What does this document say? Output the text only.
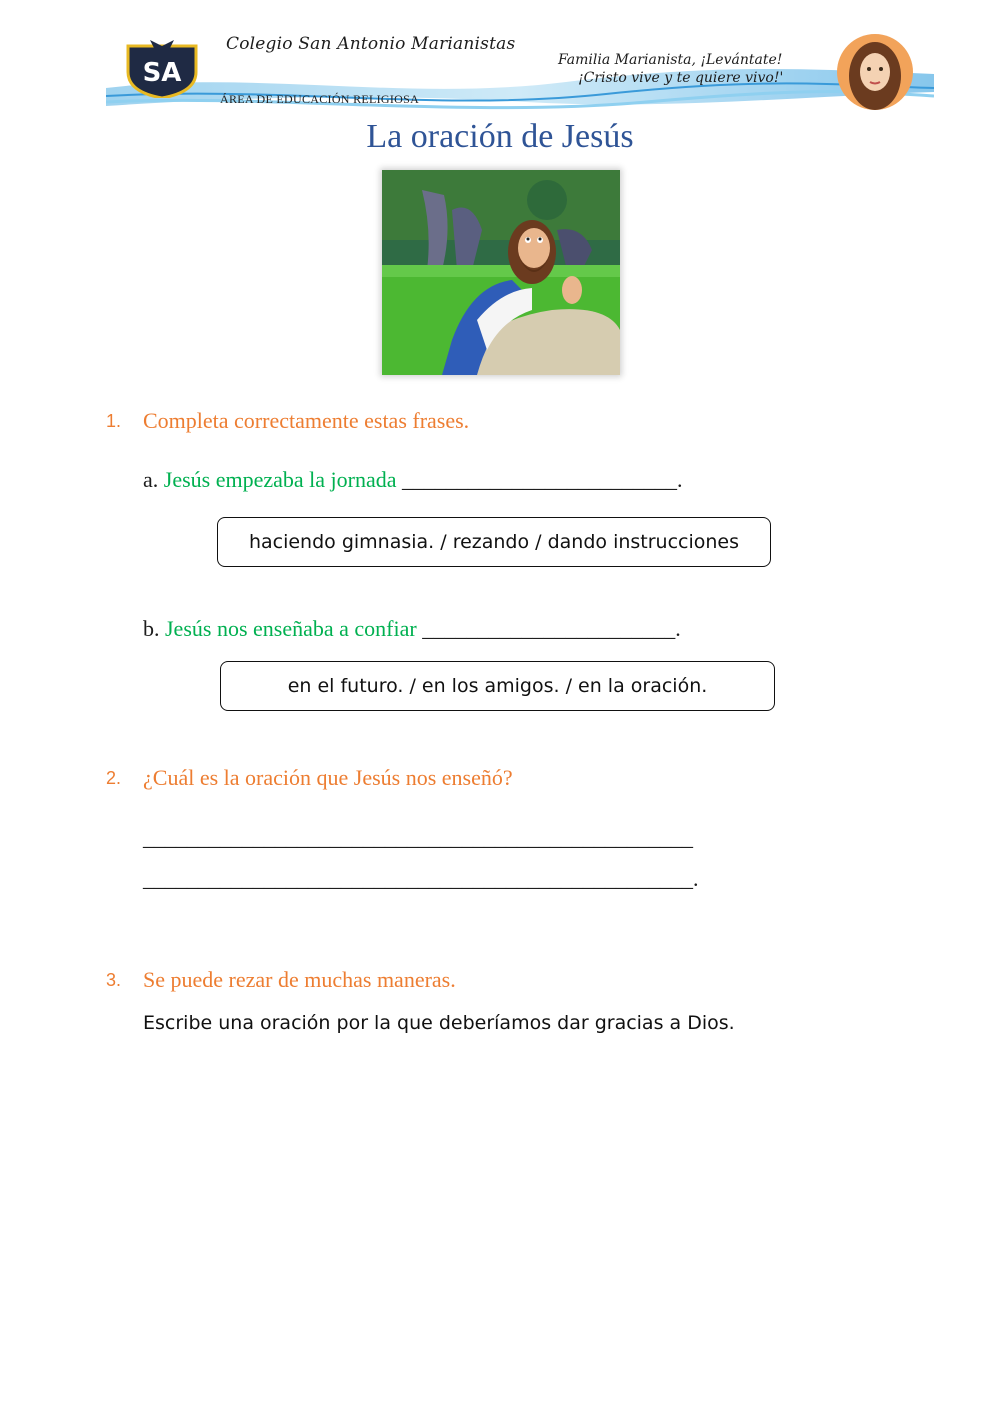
SA
Colegio San Antonio Marianistas
ÁREA DE EDUCACIÓN RELIGIOSA
Familia Marianista, ¡Levántate!
¡Cristo vive y te quiere vivo!'
La oración de Jesús
1. Completa correctamente estas frases.
a. Jesús empezaba la jornada _________________________.
haciendo gimnasia. / rezando / dando instrucciones
b. Jesús nos enseñaba a confiar _______________________.
en el futuro. / en los amigos. / en la oración.
2. ¿Cuál es la oración que Jesús nos enseñó?
__________________________________________________
__________________________________________________.
3. Se puede rezar de muchas maneras.
Escribe una oración por la que deberíamos dar gracias a Dios.
